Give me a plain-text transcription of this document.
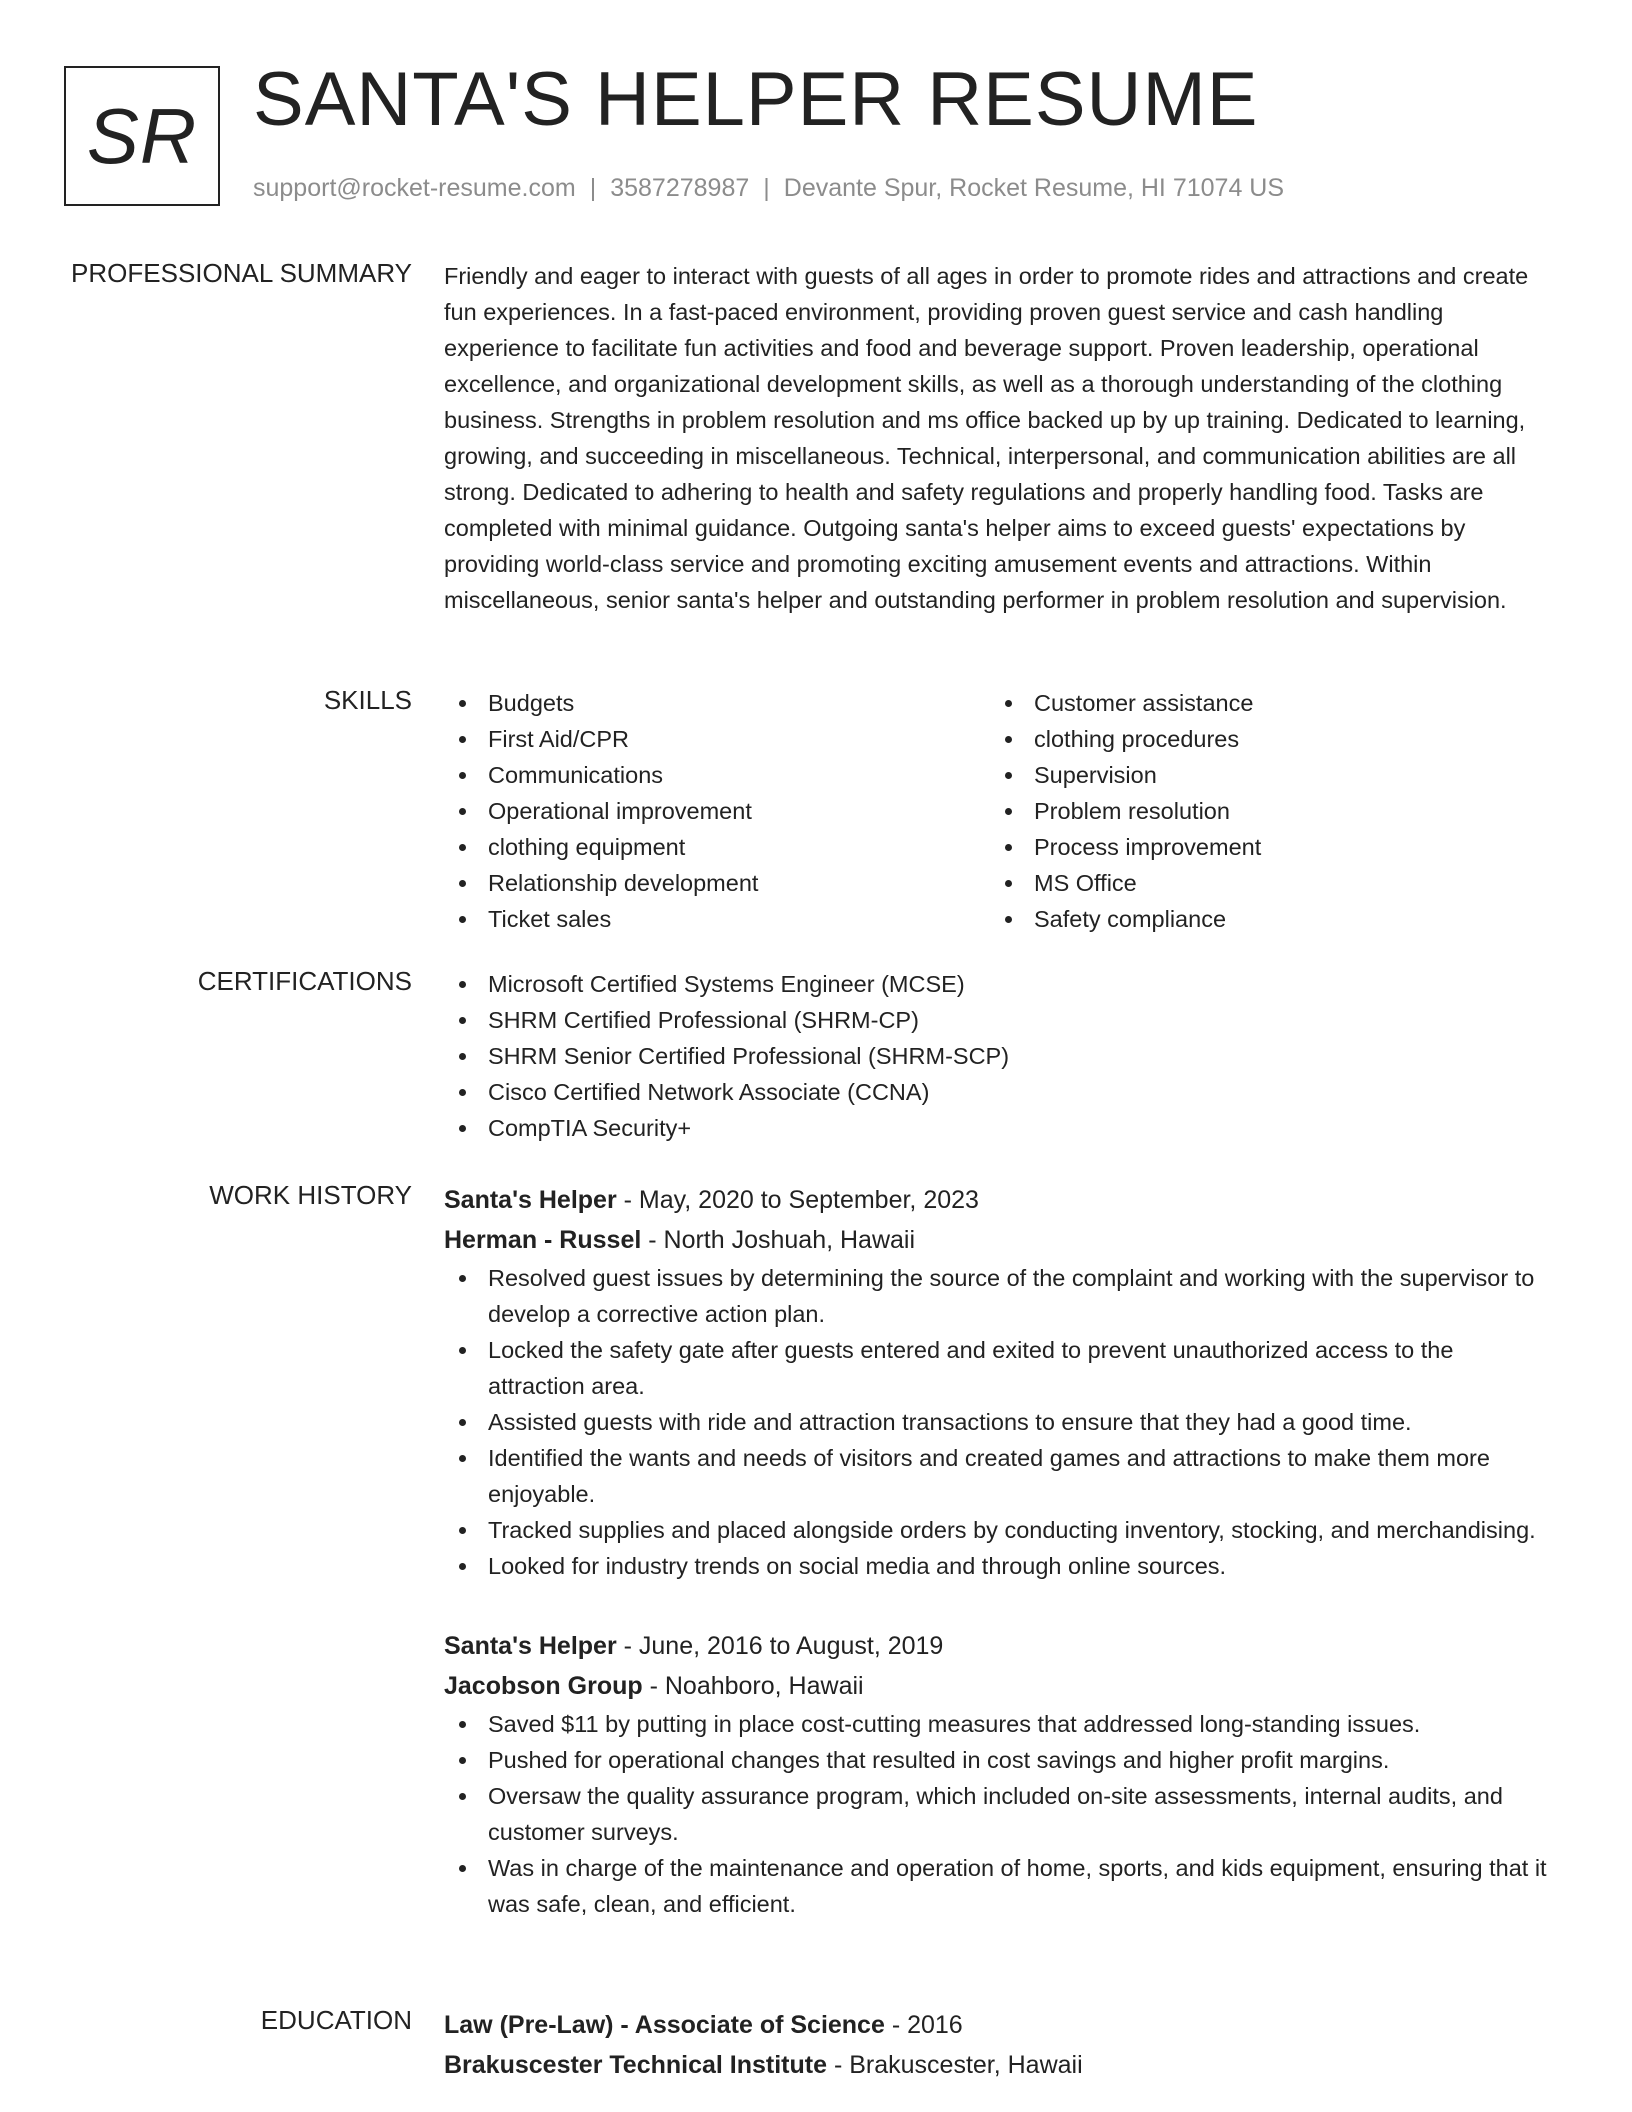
SR SANTA'S HELPER RESUME
support@rocket-resume.com | 3587278987 | Devante Spur, Rocket Resume, HI 71074 US
PROFESSIONAL SUMMARY Friendly and eager to interact with guests of all ages in order to promote rides and attractions and create fun experiences. In a fast-paced environment, providing proven guest service and cash handling experience to facilitate fun activities and food and beverage support. Proven leadership, operational excellence, and organizational development skills, as well as a thorough understanding of the clothing business. Strengths in problem resolution and ms office backed up by up training. Dedicated to learning, growing, and succeeding in miscellaneous. Technical, interpersonal, and communication abilities are all strong. Dedicated to adhering to health and safety regulations and properly handling food. Tasks are completed with minimal guidance. Outgoing santa's helper aims to exceed guests' expectations by providing world-class service and promoting exciting amusement events and attractions. Within miscellaneous, senior santa's helper and outstanding performer in problem resolution and supervision.
SKILLS	Budgets
First Aid/CPR
Communications
Operational improvement
clothing equipment
Relationship development
Ticket sales
Customer assistance
clothing procedures
Supervision
Problem resolution
Process improvement
MS Office
Safety compliance
CERTIFICATIONS	Microsoft Certified Systems Engineer (MCSE)
SHRM Certified Professional (SHRM-CP)
SHRM Senior Certified Professional (SHRM-SCP)
Cisco Certified Network Associate (CCNA)
CompTIA Security+
WORK HISTORY Santa's Helper - May, 2020 to September, 2023
Herman - Russel - North Joshuah, Hawaii
Resolved guest issues by determining the source of the complaint and working with the supervisor to develop a corrective action plan.
Locked the safety gate after guests entered and exited to prevent unauthorized access to the attraction area.
Assisted guests with ride and attraction transactions to ensure that they had a good time.
Identified the wants and needs of visitors and created games and attractions to make them more enjoyable.
Tracked supplies and placed alongside orders by conducting inventory, stocking, and merchandising.
Looked for industry trends on social media and through online sources.
Santa's Helper - June, 2016 to August, 2019
Jacobson Group - Noahboro, Hawaii
Saved $11 by putting in place cost-cutting measures that addressed long-standing issues.
Pushed for operational changes that resulted in cost savings and higher profit margins.
Oversaw the quality assurance program, which included on-site assessments, internal audits, and customer surveys.
Was in charge of the maintenance and operation of home, sports, and kids equipment, ensuring that it was safe, clean, and efficient.
EDUCATION Law (Pre-Law) - Associate of Science - 2016
Brakuscester Technical Institute - Brakuscester, Hawaii
